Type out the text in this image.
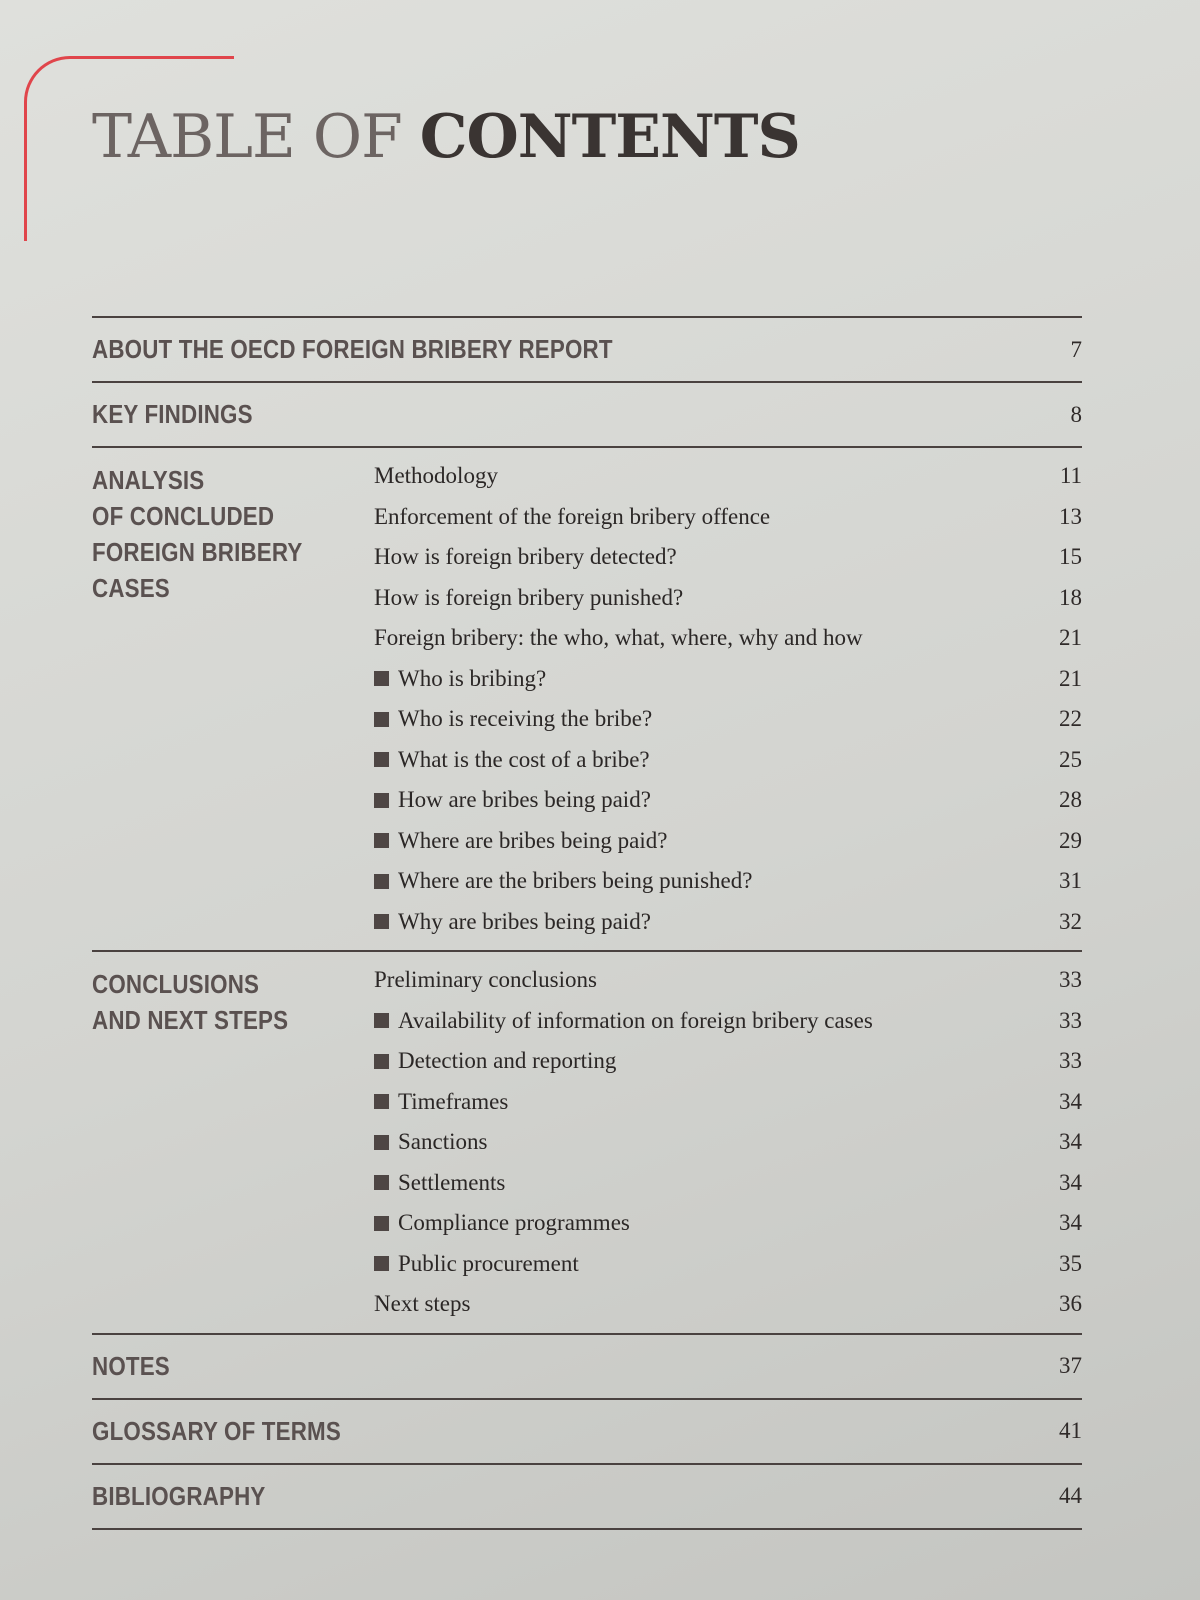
TABLE OF CONTENTS
ABOUT THE OECD FOREIGN BRIBERY REPORT	7
KEY FINDINGS	8
ANALYSIS
OF CONCLUDED
FOREIGN BRIBERY
CASES
Methodology	11
Enforcement of the foreign bribery offence	13
How is foreign bribery detected?	15
How is foreign bribery punished?	18
Foreign bribery: the who, what, where, why and how	21
Who is bribing?	21
Who is receiving the bribe?	22
What is the cost of a bribe?	25
How are bribes being paid?	28
Where are bribes being paid?	29
Where are the bribers being punished?	31
Why are bribes being paid?	32
CONCLUSIONS
AND NEXT STEPS
Preliminary conclusions	33
Availability of information on foreign bribery cases	33
Detection and reporting	33
Timeframes	34
Sanctions	34
Settlements	34
Compliance programmes	34
Public procurement	35
Next steps	36
NOTES	37
GLOSSARY OF TERMS	41
BIBLIOGRAPHY	44
